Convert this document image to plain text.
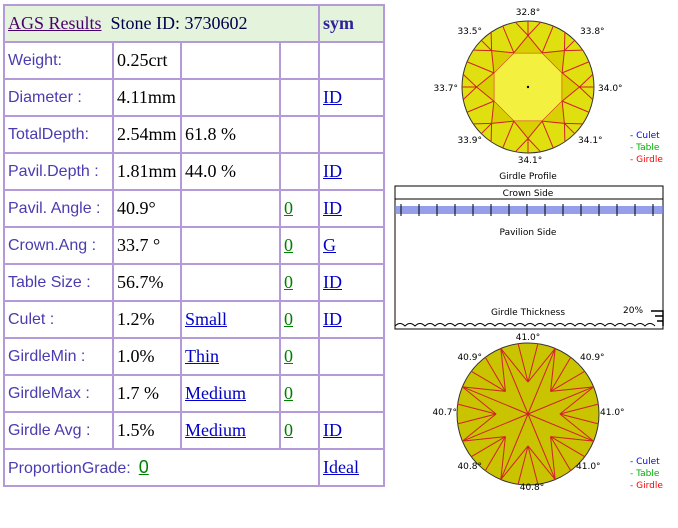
AGS Results Stone ID: 3730602				sym
Weight:	0.25crt			
Diameter :	4.11mm			ID
TotalDepth:	2.54mm	61.8 %		
Pavil.Depth :	1.81mm	44.0 %		ID
Pavil. Angle :	40.9°		0	ID
Crown.Ang :	33.7 °		0	G
Table Size :	56.7%		0	ID
Culet :	1.2%	Small	0	ID
GirdleMin :	1.0%	Thin	0	
GirdleMax :	1.7 %	Medium	0	
Girdle Avg :	1.5%	Medium	0	ID
ProportionGrade: 0				Ideal
32.8°
33.8°
34.0°
34.1°
34.1°
33.9°
33.7°
33.5°
- Culet
- Table
- Girdle
Girdle Profile
Crown Side
Pavilion Side
Girdle Thickness	20%
41.0°
40.9°
41.0°
41.0°
40.8°
40.8°
40.7°
40.9°
- Culet
- Table
- Girdle
